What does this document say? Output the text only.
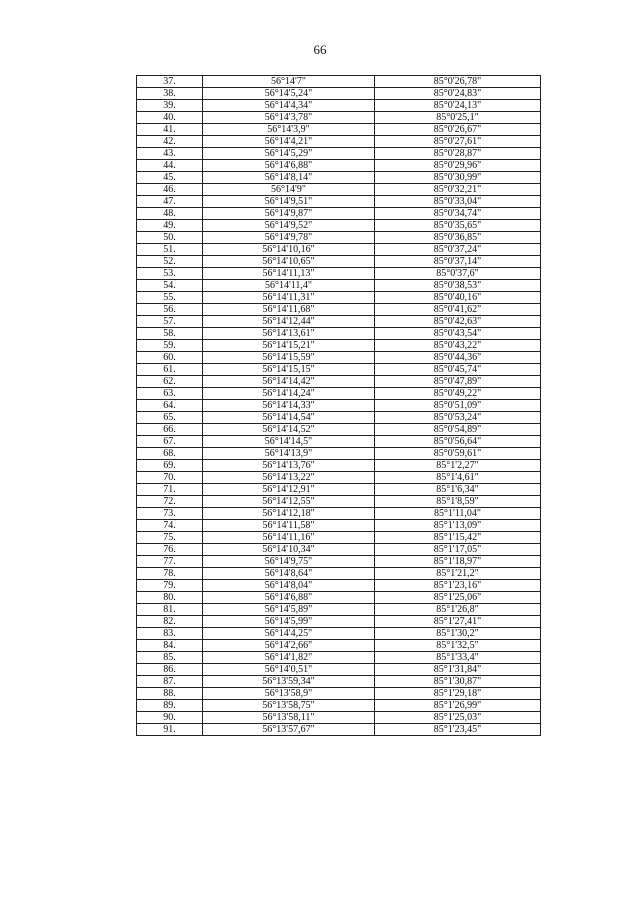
66
37.	56°14'7"	85°0'26,78"
38.	56°14'5,24"	85°0'24,83"
39.	56°14'4,34"	85°0'24,13"
40.	56°14'3,78"	85°0'25,1"
41.	56°14'3,9"	85°0'26,67"
42.	56°14'4,21"	85°0'27,61"
43.	56°14'5,29"	85°0'28,87"
44.	56°14'6,88"	85°0'29,96"
45.	56°14'8,14"	85°0'30,99"
46.	56°14'9"	85°0'32,21"
47.	56°14'9,51"	85°0'33,04"
48.	56°14'9,87"	85°0'34,74"
49.	56°14'9,52"	85°0'35,65"
50.	56°14'9,78"	85°0'36,85"
51.	56°14'10,16"	85°0'37,24"
52.	56°14'10,65"	85°0'37,14"
53.	56°14'11,13"	85°0'37,6"
54.	56°14'11,4"	85°0'38,53"
55.	56°14'11,31"	85°0'40,16"
56.	56°14'11,68"	85°0'41,62"
57.	56°14'12,44"	85°0'42,63"
58.	56°14'13,61"	85°0'43,54"
59.	56°14'15,21"	85°0'43,22"
60.	56°14'15,59"	85°0'44,36"
61.	56°14'15,15"	85°0'45,74"
62.	56°14'14,42"	85°0'47,89"
63.	56°14'14,24"	85°0'49,22"
64.	56°14'14,33"	85°0'51,09"
65.	56°14'14,54"	85°0'53,24"
66.	56°14'14,52"	85°0'54,89"
67.	56°14'14,5"	85°0'56,64"
68.	56°14'13,9"	85°0'59,61"
69.	56°14'13,76"	85°1'2,27"
70.	56°14'13,22"	85°1'4,61"
71.	56°14'12,91"	85°1'6,34"
72.	56°14'12,55"	85°1'8,59"
73.	56°14'12,18"	85°1'11,04"
74.	56°14'11,58"	85°1'13,09"
75.	56°14'11,16"	85°1'15,42"
76.	56°14'10,34"	85°1'17,05"
77.	56°14'9,75"	85°1'18,97"
78.	56°14'8,64"	85°1'21,2"
79.	56°14'8,04"	85°1'23,16"
80.	56°14'6,88"	85°1'25,06"
81.	56°14'5,89"	85°1'26,8"
82.	56°14'5,99"	85°1'27,41"
83.	56°14'4,25"	85°1'30,2"
84.	56°14'2,66"	85°1'32,5"
85.	56°14'1,82"	85°1'33,4"
86.	56°14'0,51"	85°1'31,84"
87.	56°13'59,34"	85°1'30,87"
88.	56°13'58,9"	85°1'29,18"
89.	56°13'58,75"	85°1'26,99"
90.	56°13'58,11"	85°1'25,03"
91.	56°13'57,67"	85°1'23,45"
